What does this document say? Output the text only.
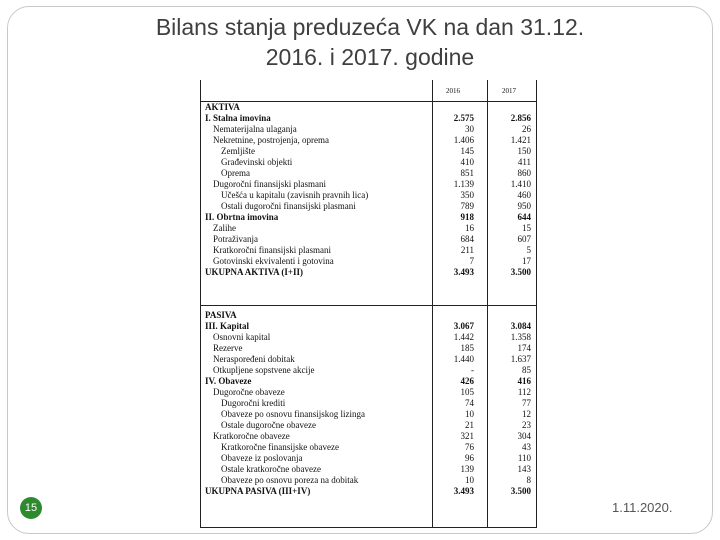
Bilans stanja preduzeća VK na dan 31.12.
2016. i 2017. godine
2016	2017
AKTIVA
I. Stalna imovina	2.575	2.856
Nematerijalna ulaganja	30	26
Nekretnine, postrojenja, oprema	1.406	1.421
Zemljište	145	150
Građevinski objekti	410	411
Oprema	851	860
Dugoročni finansijski plasmani	1.139	1.410
Učešća u kapitalu (zavisnih pravnih lica)	350	460
Ostali dugoročni finansijski plasmani	789	950
II. Obrtna imovina	918	644
Zalihe	16	15
Potraživanja	684	607
Kratkoročni finansijski plasmani	211	5
Gotovinski ekvivalenti i gotovina	7	17
UKUPNA AKTIVA (I+II)	3.493	3.500
PASIVA
III. Kapital	3.067	3.084
Osnovni kapital	1.442	1.358
Rezerve	185	174
Neraspoređeni dobitak	1.440	1.637
Otkupljene sopstvene akcije	-	85
IV. Obaveze	426	416
Dugoročne obaveze	105	112
Dugoročni krediti	74	77
Obaveze po osnovu finansijskog lizinga	10	12
Ostale dugoročne obaveze	21	23
Kratkoročne obaveze	321	304
Kratkoročne finansijske obaveze	76	43
Obaveze iz poslovanja	96	110
Ostale kratkoročne obaveze	139	143
Obaveze po osnovu poreza na dobitak	10	8
UKUPNA PASIVA (III+IV)	3.493	3.500
15	1.11.2020.
